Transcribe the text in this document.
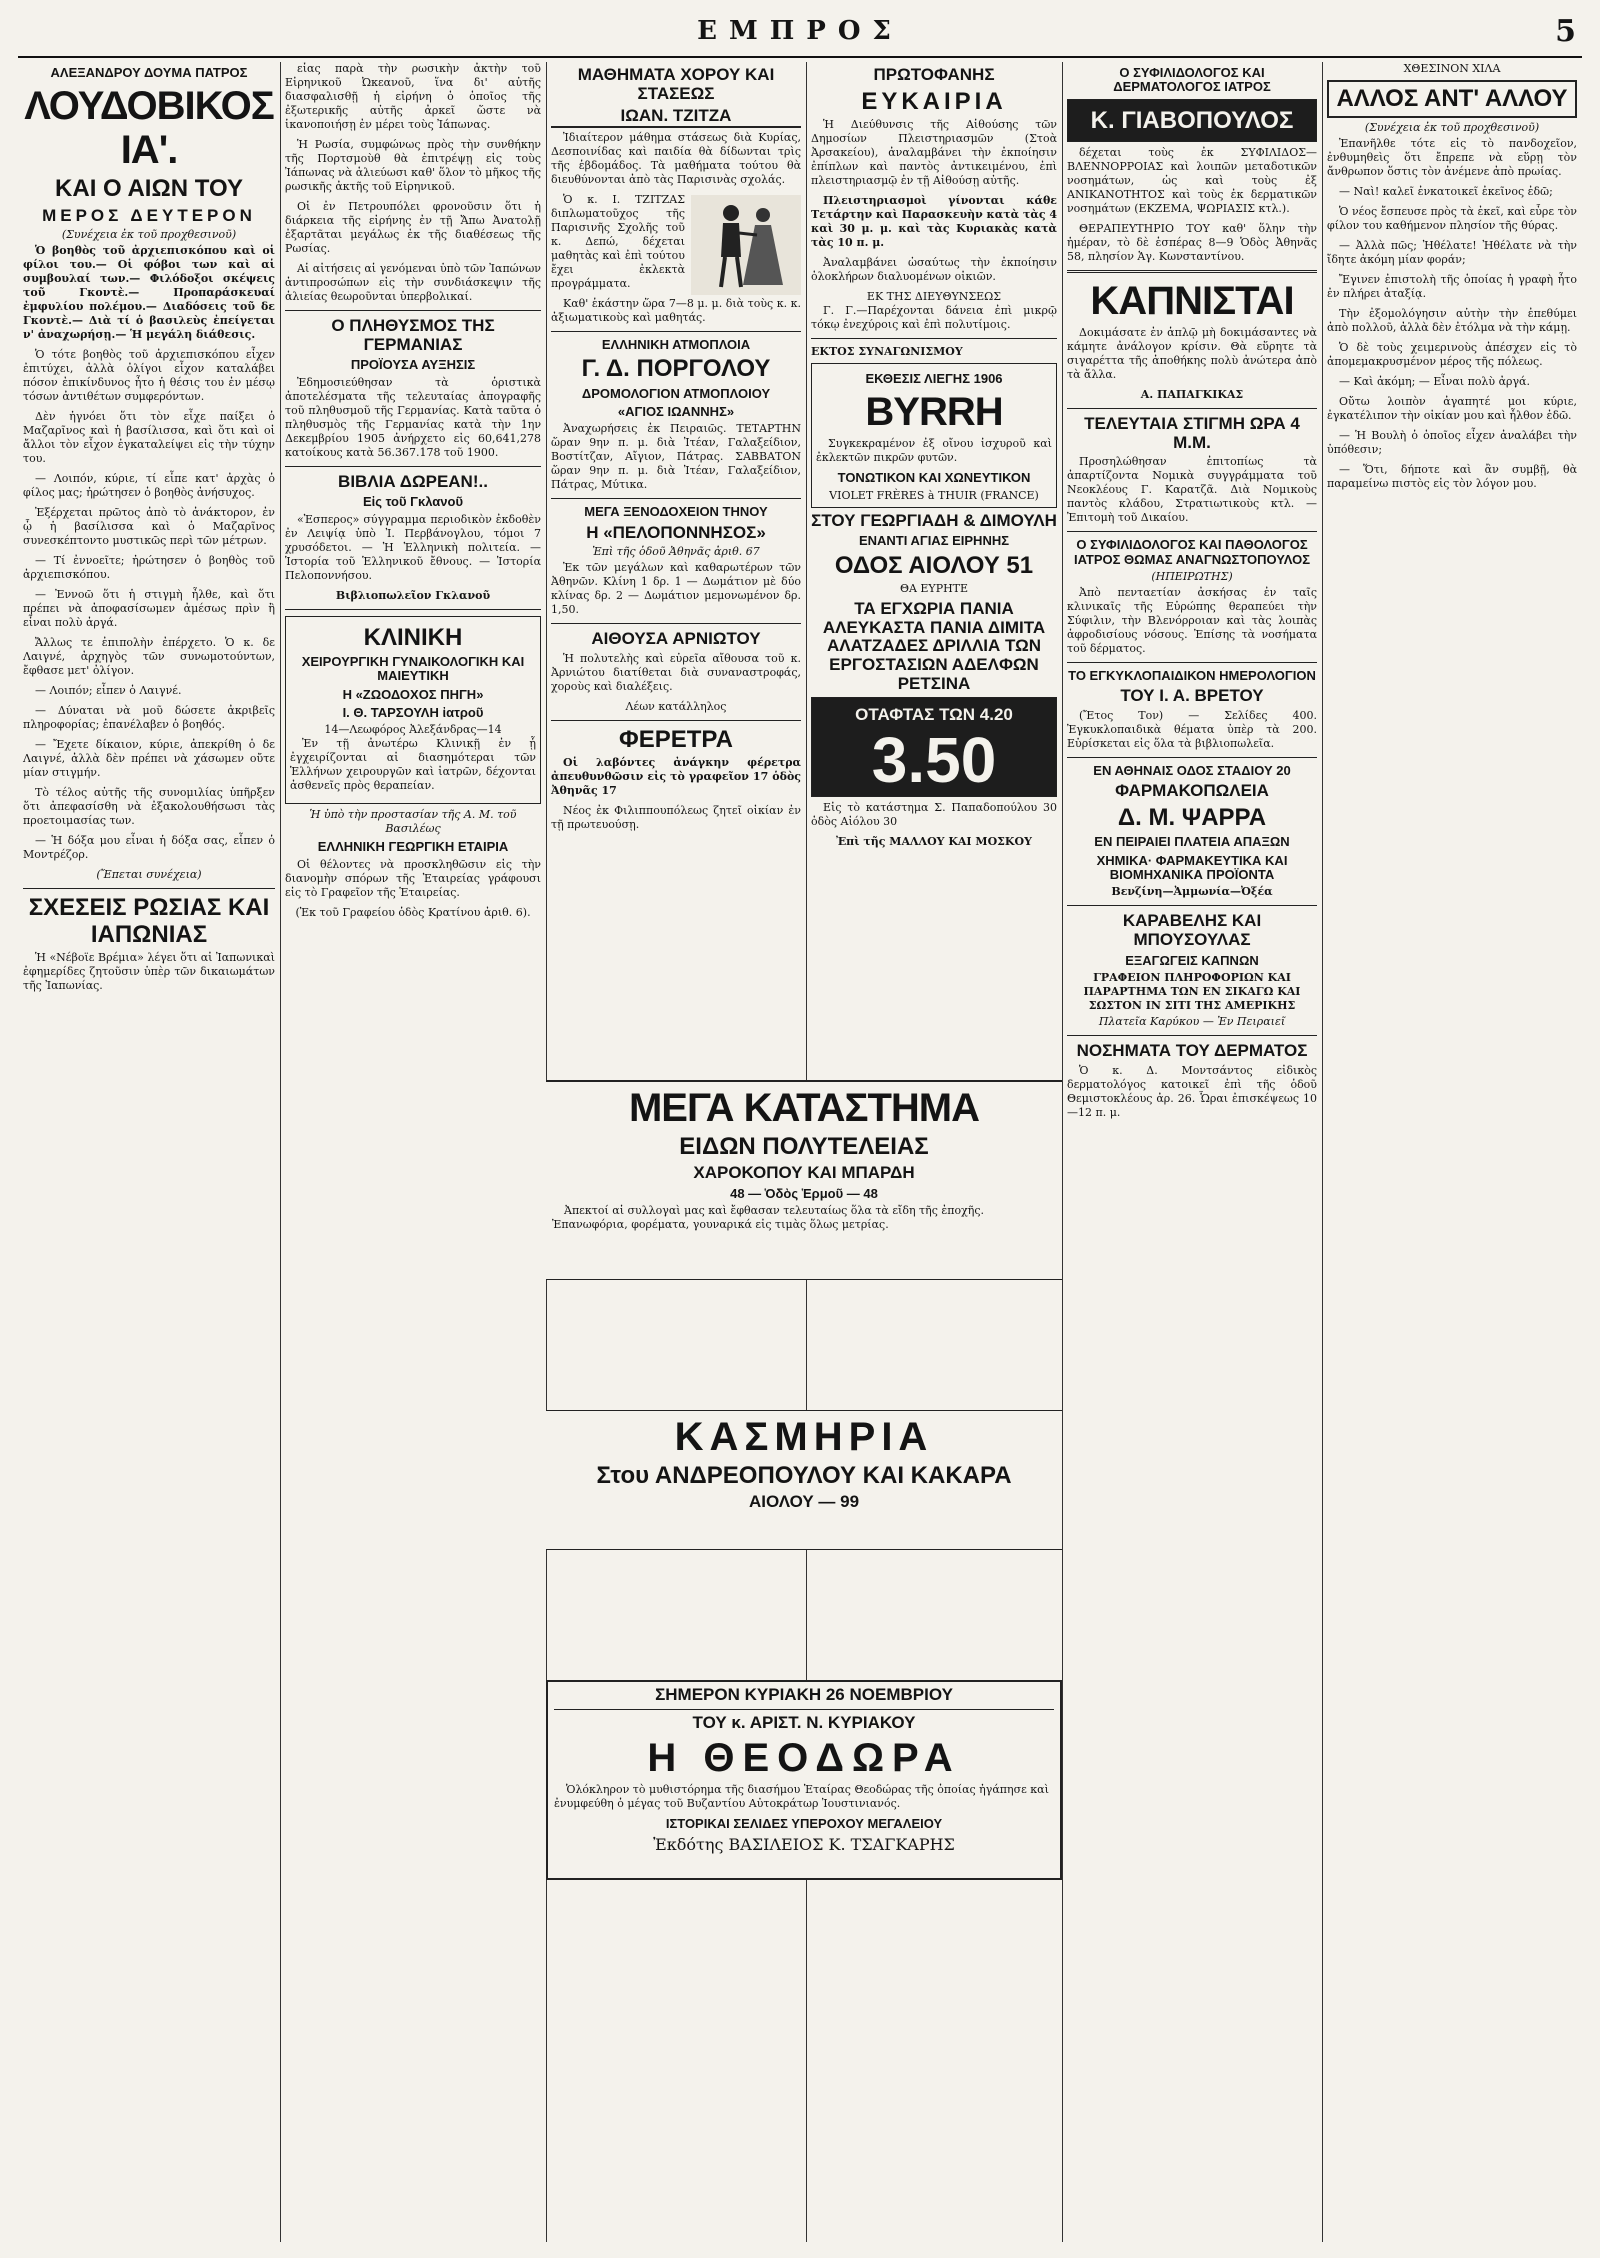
ΕΜΠΡΟΣ	5
ΑΛΕΞΑΝΔΡΟΥ ΔΟΥΜΑ ΠΑΤΡΟΣ
ΛΟΥΔΟΒΙΚΟΣ ΙΑ'.
ΚΑΙ Ο ΑΙΩΝ ΤΟΥ
ΜΕΡΟΣ ΔΕΥΤΕΡΟΝ
(Συνέχεια ἐκ τοῦ προχθεσινοῦ)

Ὁ βοηθὸς τοῦ ἀρχιεπισκόπου καὶ οἱ φίλοι του.— Οἱ φόβοι των καὶ αἱ συμβουλαί των.— Φιλόδοξοι σκέψεις τοῦ Γκοντὲ.— Προπαράσκευαί ἐμφυλίου πολέμου.— Διαδόσεις τοῦ δε Γκοντὲ.— Διὰ τί ὁ βασιλεὺς ἐπείγεται ν' ἀναχωρήσῃ.— Ἡ μεγάλη διάθεσις.

Ὁ τότε βοηθὸς τοῦ ἀρχιεπισκόπου εἶχεν ἐπιτύχει, ἀλλὰ ὀλίγοι εἶχον καταλάβει πόσον ἐπικίνδυνος ἦτο ἡ θέσις του ἐν μέσῳ τόσων ἀντιθέτων συμφερόντων.

Δὲν ἠγνόει ὅτι τὸν εἶχε παίξει ὁ Μαζαρῖνος καὶ ἡ βασίλισσα, καὶ ὅτι καὶ οἱ ἄλλοι τὸν εἶχον ἐγκαταλείψει εἰς τὴν τύχην του.

— Λοιπόν, κύριε, τί εἶπε κατ' ἀρχὰς ὁ φίλος μας; ἠρώτησεν ὁ βοηθὸς ἀνήσυχος.

Ἐξέρχεται πρῶτος ἀπὸ τὸ ἀνάκτορον, ἐν ᾧ ἡ βασίλισσα καὶ ὁ Μαζαρῖνος συνεσκέπτοντο μυστικῶς περὶ τῶν μέτρων.

— Τί ἐννοεῖτε; ἠρώτησεν ὁ βοηθὸς τοῦ ἀρχιεπισκόπου.

— Ἐννοῶ ὅτι ἡ στιγμὴ ἦλθε, καὶ ὅτι πρέπει νὰ ἀποφασίσωμεν ἀμέσως πρὶν ἢ εἶναι πολὺ ἀργά.

Ἄλλως τε ἐπιπολὴν ἐπέρχετο. Ὁ κ. δε Λαιγνέ, ἀρχηγὸς τῶν συνωμοτούντων, ἔφθασε μετ' ὀλίγον.

— Λοιπόν; εἶπεν ὁ Λαιγνέ.

— Δύναται νὰ μοῦ δώσετε ἀκριβεῖς πληροφορίας; ἐπανέλαβεν ὁ βοηθός.

— Ἔχετε δίκαιον, κύριε, ἀπεκρίθη ὁ δε Λαιγνέ, ἀλλὰ δὲν πρέπει νὰ χάσωμεν οὔτε μίαν στιγμήν.

Τὸ τέλος αὐτῆς τῆς συνομιλίας ὑπῆρξεν ὅτι ἀπεφασίσθη νὰ ἐξακολουθήσωσι τὰς προετοιμασίας των.

— Ἡ δόξα μου εἶναι ἡ δόξα σας, εἶπεν ὁ Μοντρέζορ.

(Ἔπεται συνέχεια)
ΣΧΕΣΕΙΣ ΡΩΣΙΑΣ ΚΑΙ ΙΑΠΩΝΙΑΣ

Ἡ «Νέβοϊε Βρέμια» λέγει ὅτι αἱ Ἰαπωνικαὶ ἐφημερίδες ζητοῦσιν ὑπὲρ τῶν δικαιωμάτων τῆς Ἰαπωνίας.

εἶας παρὰ τὴν ρωσικὴν ἀκτὴν τοῦ Εἰρηνικοῦ Ὠκεανοῦ, ἵνα δι' αὐτῆς διασφαλισθῇ ἡ εἰρήνη ὁ ὁποῖος τῆς ἐξωτερικῆς αὐτῆς ἀρκεῖ ὥστε νὰ ἱκανοποιήσῃ ἐν μέρει τοὺς Ἰάπωνας.

Ἡ Ρωσία, συμφώνως πρὸς τὴν συνθήκην τῆς Πορτσμοὺθ θὰ ἐπιτρέψῃ εἰς τοὺς Ἰάπωνας νὰ ἁλιεύωσι καθ' ὅλον τὸ μῆκος τῆς ρωσικῆς ἀκτῆς τοῦ Εἰρηνικοῦ.

Οἱ ἐν Πετρουπόλει φρονοῦσιν ὅτι ἡ διάρκεια τῆς εἰρήνης ἐν τῇ Ἄπω Ἀνατολῇ ἐξαρτᾶται μεγάλως ἐκ τῆς διαθέσεως τῆς Ρωσίας.

Αἱ αἰτήσεις αἱ γενόμεναι ὑπὸ τῶν Ἰαπώνων ἀντιπροσώπων εἰς τὴν συνδιάσκεψιν τῆς ἁλιείας θεωροῦνται ὑπερβολικαί.

Ο ΠΛΗΘΥΣΜΟΣ ΤΗΣ ΓΕΡΜΑΝΙΑΣ
ΠΡΟΪΟΥΣΑ ΑΥΞΗΣΙΣ

Ἐδημοσιεύθησαν τὰ ὁριστικὰ ἀποτελέσματα τῆς τελευταίας ἀπογραφῆς τοῦ πληθυσμοῦ τῆς Γερμανίας. Κατὰ ταῦτα ὁ πληθυσμὸς τῆς Γερμανίας κατὰ τὴν 1ην Δεκεμβρίου 1905 ἀνήρχετο εἰς 60,641,278 κατοίκους κατὰ 56.367.178 τοῦ 1900.

ΒΙΒΛΙΑ ΔΩΡΕΑΝ!..
Εἰς τοῦ Γκλανοῦ

«Ἑσπερος» σύγγραμμα περιοδικὸν ἐκδοθὲν ἐν Λειψίᾳ ὑπὸ Ἰ. Περβάνογλου, τόμοι 7 χρυσόδετοι. — Ἡ Ἑλληνικὴ πολιτεία. — Ἱστορία τοῦ Ἑλληνικοῦ ἔθνους. — Ἱστορία Πελοποννήσου.

Βιβλιοπωλεῖον Γκλανοῦ
ΚΛΙΝΙΚΗ
ΧΕΙΡΟΥΡΓΙΚΗ ΓΥΝΑΙΚΟΛΟΓΙΚΗ ΚΑΙ ΜΑΙΕΥΤΙΚΗ
Η «ΖΩΟΔΟΧΟΣ ΠΗΓΗ»
Ι. Θ. ΤΑΡΣΟΥΛΗ ἰατροῦ
14—Λεωφόρος Ἀλεξάνδρας—14

Ἐν τῇ ἀνωτέρω Κλινικῇ ἐν ᾗ ἐγχειρίζονται αἱ διασημότεραι τῶν Ἑλλήνων χειρουργῶν καὶ ἰατρῶν, δέχονται ἀσθενεῖς πρὸς θεραπείαν.

Ἡ ὑπὸ τὴν προστασίαν τῆς Α. Μ. τοῦ Βασιλέως
ΕΛΛΗΝΙΚΗ ΓΕΩΡΓΙΚΗ ΕΤΑΙΡΙΑ

Οἱ θέλοντες νὰ προσκληθῶσιν εἰς τὴν διανομὴν σπόρων τῆς Ἑταιρείας γράφουσι εἰς τὸ Γραφεῖον τῆς Ἑταιρείας.

(Ἐκ τοῦ Γραφείου ὁδὸς Κρατίνου ἀριθ. 6).
ΜΑΘΗΜΑΤΑ ΧΟΡΟΥ ΚΑΙ ΣΤΑΣΕΩΣ
ΙΩΑΝ. ΤΖΙΤΖΑ

Ἰδιαίτερον μάθημα στάσεως διὰ Κυρίας, Δεσποινίδας καὶ παιδία θὰ δίδωνται τρὶς τῆς ἑβδομάδος. Τὰ μαθήματα τούτου θὰ διευθύνονται ἀπὸ τὰς Παρισινὰς σχολάς.

Ὁ κ. Ι. ΤΖΙΤΖΑΣ διπλωματοῦχος τῆς Παρισινῆς Σχολῆς τοῦ κ. Δεπώ, δέχεται μαθητὰς καὶ ἐπὶ τούτου ἔχει ἐκλεκτὰ προγράμματα.

Καθ' ἑκάστην ὥρα 7—8 μ. μ. διὰ τοὺς κ. κ. ἀξιωματικοὺς καὶ μαθητάς.

ΕΛΛΗΝΙΚΗ ΑΤΜΟΠΛΟΙΑ
Γ. Δ. ΠΟΡΓΟΛΟΥ
ΔΡΟΜΟΛΟΓΙΟΝ ΑΤΜΟΠΛΟΙΟΥ
«ΑΓΙΟΣ ΙΩΑΝΝΗΣ»

Ἀναχωρήσεις ἐκ Πειραιῶς. ΤΕΤΑΡΤΗΝ ὥραν 9ην π. μ. διὰ Ἰτέαν, Γαλαξείδιον, Βοστίτζαν, Αἴγιον, Πάτρας. ΣΑΒΒΑΤΟΝ ὥραν 9ην π. μ. διὰ Ἰτέαν, Γαλαξείδιον, Πάτρας, Μύτικα.

ΜΕΓΑ ΞΕΝΟΔΟΧΕΙΟΝ ΤΗΝΟΥ
Η «ΠΕΛΟΠΟΝΝΗΣΟΣ»
Ἐπὶ τῆς ὁδοῦ Ἀθηνᾶς ἀριθ. 67

Ἐκ τῶν μεγάλων καὶ καθαρωτέρων τῶν Ἀθηνῶν. Κλίνη 1 δρ. 1 — Δωμάτιον μὲ δύο κλίνας δρ. 2 — Δωμάτιον μεμονωμένον δρ. 1,50.

ΑΙΘΟΥΣΑ ΑΡΝΙΩΤΟΥ

Ἡ πολυτελὴς καὶ εὐρεῖα αἴθουσα τοῦ κ. Ἀρνιώτου διατίθεται διὰ συναναστροφάς, χοροὺς καὶ διαλέξεις.

Λέων κατάλληλος
ΦΕΡΕΤΡΑ

Οἱ λαβόντες ἀνάγκην φέρετρα ἀπευθυνθῶσιν εἰς τὸ γραφεῖον 17 ὁδὸς Ἀθηνᾶς 17

Νέος ἐκ Φιλιππουπόλεως ζητεῖ οἰκίαν ἐν τῇ πρωτευούσῃ.

ΠΡΩΤΟΦΑΝΗΣ
ΕΥΚΑΙΡΙΑ

Ἡ Διεύθυνσις τῆς Αἰθούσης τῶν Δημοσίων Πλειστηριασμῶν (Στοὰ Ἀρσακείου), ἀναλαμβάνει τὴν ἐκποίησιν ἐπίπλων καὶ παντὸς ἀντικειμένου, ἐπὶ πλειστηριασμῷ ἐν τῇ Αἰθούσῃ αὐτῆς.

Πλειστηριασμοὶ γίνονται κάθε Τετάρτην καὶ Παρασκευὴν κατὰ τὰς 4 καὶ 30 μ. μ. καὶ τὰς Κυριακὰς κατὰ τὰς 10 π. μ.

Ἀναλαμβάνει ὡσαύτως τὴν ἐκποίησιν ὁλοκλήρων διαλυομένων οἰκιῶν.

ΕΚ ΤΗΣ ΔΙΕΥΘΥΝΣΕΩΣ

Γ. Γ.—Παρέχονται δάνεια ἐπὶ μικρῷ τόκῳ ἐνεχύροις καὶ ἐπὶ πολυτίμοις.

ΕΚΤΟΣ ΣΥΝΑΓΩΝΙΣΜΟΥ
ΕΚΘΕΣΙΣ ΛΙΕΓΗΣ 1906
BYRRH

Συγκεκραμένον ἐξ οἴνου ἰσχυροῦ καὶ ἐκλεκτῶν πικρῶν φυτῶν.

ΤΟΝΩΤΙΚΟΝ ΚΑΙ ΧΩΝΕΥΤΙΚΟΝ
VIOLET FRÈRES à THUIR (FRANCE)
ΣΤΟΥ ΓΕΩΡΓΙΑΔΗ & ΔΙΜΟΥΛΗ
ΕΝΑΝΤΙ ΑΓΙΑΣ ΕΙΡΗΝΗΣ
ΟΔΟΣ ΑΙΟΛΟΥ 51
ΘΑ ΕΥΡΗΤΕ
ΤΑ ΕΓΧΩΡΙΑ ΠΑΝΙΑ ΑΛΕΥΚΑΣΤΑ ΠΑΝΙΑ ΔΙΜΙΤΑ ΑΛΑΤΖΑΔΕΣ ΔΡΙΛΛΙΑ ΤΩΝ ΕΡΓΟΣΤΑΣΙΩΝ ΑΔΕΛΦΩΝ ΡΕΤΣΙΝΑ
ΟΤΑΦΤΑΣ ΤΩΝ 4.20
3.50

Εἰς τὸ κατάστημα Σ. Παπαδοπούλου 30 ὁδὸς Αἰόλου 30

Ἐπὶ τῆς ΜΑΛΛΟΥ ΚΑΙ ΜΟΣΚΟΥ
Ο ΣΥΦΙΛΙΔΟΛΟΓΟΣ ΚΑΙ ΔΕΡΜΑΤΟΛΟΓΟΣ ΙΑΤΡΟΣ
Κ. ΓΙΑΒΟΠΟΥΛΟΣ

δέχεται τοὺς ἐκ ΣΥΦΙΛΙΔΟΣ—ΒΛΕΝΝΟΡΡΟΙΑΣ καὶ λοιπῶν μεταδοτικῶν νοσημάτων, ὡς καὶ τοὺς ἐξ ΑΝΙΚΑΝΟΤΗΤΟΣ καὶ τοὺς ἐκ δερματικῶν νοσημάτων (ΕΚΖΕΜΑ, ΨΩΡΙΑΣΙΣ κτλ.).

ΘΕΡΑΠΕΥΤΗΡΙΟ ΤΟΥ καθ' ὅλην τὴν ἡμέραν, τὸ δὲ ἑσπέρας 8—9 Ὁδὸς Ἀθηνᾶς 58, πλησίον Ἁγ. Κωνσταντίνου.

ΚΑΠΝΙΣΤΑΙ

Δοκιμάσατε ἐν ἁπλῷ μὴ δοκιμάσαντες νὰ κάμητε ἀνάλογον κρίσιν. Θὰ εὕρητε τὰ σιγαρέττα τῆς ἀποθήκης πολὺ ἀνώτερα ἀπὸ τὰ ἄλλα.

Α. ΠΑΠΑΓΚΙΚΑΣ
ΤΕΛΕΥΤΑΙΑ ΣΤΙΓΜΗ ΩΡΑ 4 Μ.Μ.

Προσηλώθησαν ἐπιτοπίως τὰ ἀπαρτίζοντα Νομικὰ συγγράμματα τοῦ Νεοκλέους Γ. Καρατζᾶ. Διὰ Νομικοὺς παντὸς κλάδου, Στρατιωτικοὺς κτλ. — Ἐπιτομὴ τοῦ Δικαίου.

Ο ΣΥΦΙΛΙΔΟΛΟΓΟΣ ΚΑΙ ΠΑΘΟΛΟΓΟΣ ΙΑΤΡΟΣ ΘΩΜΑΣ ΑΝΑΓΝΩΣΤΟΠΟΥΛΟΣ
(ΗΠΕΙΡΩΤΗΣ)

Ἀπὸ πενταετίαν ἀσκήσας ἐν ταῖς κλινικαῖς τῆς Εὐρώπης θεραπεύει τὴν Σύφιλιν, τὴν Βλενόρροιαν καὶ τὰς λοιπὰς ἀφροδισίους νόσους. Ἐπίσης τὰ νοσήματα τοῦ δέρματος.

ΤΟ ΕΓΚΥΚΛΟΠΑΙΔΙΚΟΝ ΗΜΕΡΟΛΟΓΙΟΝ
ΤΟΥ Ι. Α. ΒΡΕΤΟΥ

(Ἔτος Τον) — Σελίδες 400. Ἐγκυκλοπαιδικὰ θέματα ὑπὲρ τὰ 200. Εὑρίσκεται εἰς ὅλα τὰ βιβλιοπωλεῖα.

ΕΝ ΑΘΗΝΑΙΣ ΟΔΟΣ ΣΤΑΔΙΟΥ 20
ΦΑΡΜΑΚΟΠΩΛΕΙΑ
Δ. Μ. ΨΑΡΡΑ
ΕΝ ΠΕΙΡΑΙΕΙ ΠΛΑΤΕΙΑ ΑΠΑΞΩΝ
ΧΗΜΙΚΑ· ΦΑΡΜΑΚΕΥΤΙΚΑ ΚΑΙ ΒΙΟΜΗΧΑΝΙΚΑ ΠΡΟΪΟΝΤΑ
Βενζίνη—Ἀμμωνία—Ὀξέα
ΚΑΡΑΒΕΛΗΣ ΚΑΙ ΜΠΟΥΣΟΥΛΑΣ
ΕΞΑΓΩΓΕΙΣ ΚΑΠΝΩΝ
ΓΡΑΦΕΙΟΝ ΠΛΗΡΟΦΟΡΙΩΝ ΚΑΙ ΠΑΡΑΡΤΗΜΑ ΤΩΝ ΕΝ ΣΙΚΑΓΩ ΚΑΙ ΣΩΣΤΟΝ ΙΝ ΣΙΤΙ ΤΗΣ ΑΜΕΡΙΚΗΣ
Πλατεῖα Καρύκου — Ἐν Πειραιεῖ
ΝΟΣΗΜΑΤΑ ΤΟΥ ΔΕΡΜΑΤΟΣ

Ὁ κ. Δ. Μοντσάντος εἰδικὸς δερματολόγος κατοικεῖ ἐπὶ τῆς ὁδοῦ Θεμιστοκλέους ἀρ. 26. Ὧραι ἐπισκέψεως 10—12 π. μ.

ΧΘΕΣΙΝΟΝ ΧΙΛΑ
ΑΛΛΟΣ ΑΝΤ' ΑΛΛΟΥ
(Συνέχεια ἐκ τοῦ προχθεσινοῦ)

Ἐπανῆλθε τότε εἰς τὸ πανδοχεῖον, ἐνθυμηθεὶς ὅτι ἔπρεπε νὰ εὕρῃ τὸν ἄνθρωπον ὅστις τὸν ἀνέμενε ἀπὸ πρωίας.

— Ναὶ! καλεῖ ἐνκατοικεῖ ἐκεῖνος ἐδῶ;

Ὁ νέος ἔσπευσε πρὸς τὰ ἐκεῖ, καὶ εὗρε τὸν φίλον του καθήμενον πλησίον τῆς θύρας.

— Ἀλλὰ πῶς; Ἠθέλατε! Ἠθέλατε νὰ τὴν ἴδητε ἀκόμη μίαν φοράν;

Ἔγινεν ἐπιστολὴ τῆς ὁποίας ἡ γραφὴ ἦτο ἐν πλήρει ἀταξίᾳ.

Τὴν ἐξομολόγησιν αὐτὴν τὴν ἐπεθύμει ἀπὸ πολλοῦ, ἀλλὰ δὲν ἐτόλμα νὰ τὴν κάμῃ.

Ὁ δὲ τοὺς χειμερινοὺς ἀπέσχεν εἰς τὸ ἀπομεμακρυσμένον μέρος τῆς πόλεως.

— Καὶ ἀκόμη; — Εἶναι πολὺ ἀργά.

Οὔτω λοιπὸν ἀγαπητέ μοι κύριε, ἐγκατέλιπον τὴν οἰκίαν μου καὶ ἦλθον ἐδῶ.

— Ἡ Βουλὴ ὁ ὁποῖος εἶχεν ἀναλάβει τὴν ὑπόθεσιν;

— Ὅτι, δήποτε καὶ ἂν συμβῇ, θὰ παραμείνω πιστὸς εἰς τὸν λόγον μου.

ΜΕΓΑ ΚΑΤΑΣΤΗΜΑ
ΕΙΔΩΝ ΠΟΛΥΤΕΛΕΙΑΣ
ΧΑΡΟΚΟΠΟΥ ΚΑΙ ΜΠΑΡΔΗ
48 — Ὁδὸς Ἑρμοῦ — 48

Ἀπεκτοί αἱ συλλογαὶ μας καὶ ἔφθασαν τελευταίως ὅλα τὰ εἴδη τῆς ἐποχῆς. Ἐπανωφόρια, φορέματα, γουναρικά εἰς τιμὰς ὅλως μετρίας.

ΚΑΣΜΗΡΙΑ
Στου ΑΝΔΡΕΟΠΟΥΛΟΥ ΚΑΙ ΚΑΚΑΡΑ
ΑΙΟΛΟΥ — 99
ΣΗΜΕΡΟΝ ΚΥΡΙΑΚΗ 26 ΝΟΕΜΒΡΙΟΥ
ΤΟΥ κ. ΑΡΙΣΤ. Ν. ΚΥΡΙΑΚΟΥ
Η ΘΕΟΔΩΡΑ

Ὁλόκληρον τὸ μυθιστόρημα τῆς διασήμου Ἑταίρας Θεοδώρας τῆς ὁποίας ἠγάπησε καὶ ἐνυμφεύθη ὁ μέγας τοῦ Βυζαντίου Αὐτοκράτωρ Ἰουστινιανός.

ΙΣΤΟΡΙΚΑΙ ΣΕΛΙΔΕΣ ΥΠΕΡΟΧΟΥ ΜΕΓΑΛΕΙΟΥ
Ἐκδότης ΒΑΣΙΛΕΙΟΣ Κ. ΤΣΑΓΚΑΡΗΣ
